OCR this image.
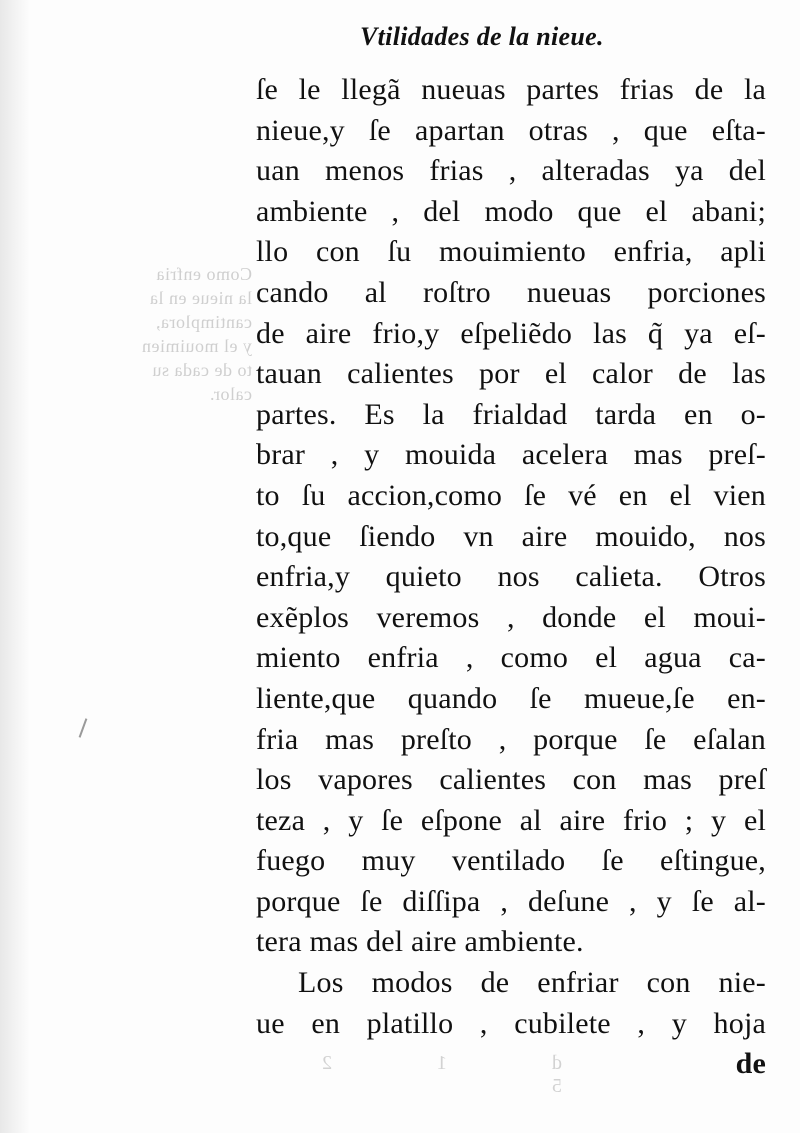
Como enfria
la nieue en la
cantimplora,
y el mouimien
to de cada su
calor.
Vtilidades de la nieue.
ſe le llegã nueuas partes frias de la
nieue,y ſe apartan otras , que eſta-
uan menos frias , alteradas ya del
ambiente , del modo que el abani;
llo con ſu mouimiento enfria, apli
cando al roſtro nueuas porciones
de aire frio,y eſpeliẽdo las q̃ ya eſ-
tauan calientes por el calor de las
partes. Es la frialdad tarda en o-
brar , y mouida acelera mas preſ-
to ſu accion,como ſe vé en el vien
to,que ſiendo vn aire mouido, nos
enfria,y quieto nos calieta. Otros
exẽplos veremos , donde el moui-
miento enfria , como el agua ca-
liente,que quando ſe mueue,ſe en-
fria mas preſto , porque ſe eſalan
los vapores calientes con mas preſ
teza , y ſe eſpone al aire frio ; y el
fuego muy ventilado ſe eſtingue,
porque ſe diſſipa , deſune , y ſe al-
tera mas del aire ambiente.
Los modos de enfriar con nie-
ue en platillo , cubilete , y hoja
de
d 1 2 5
